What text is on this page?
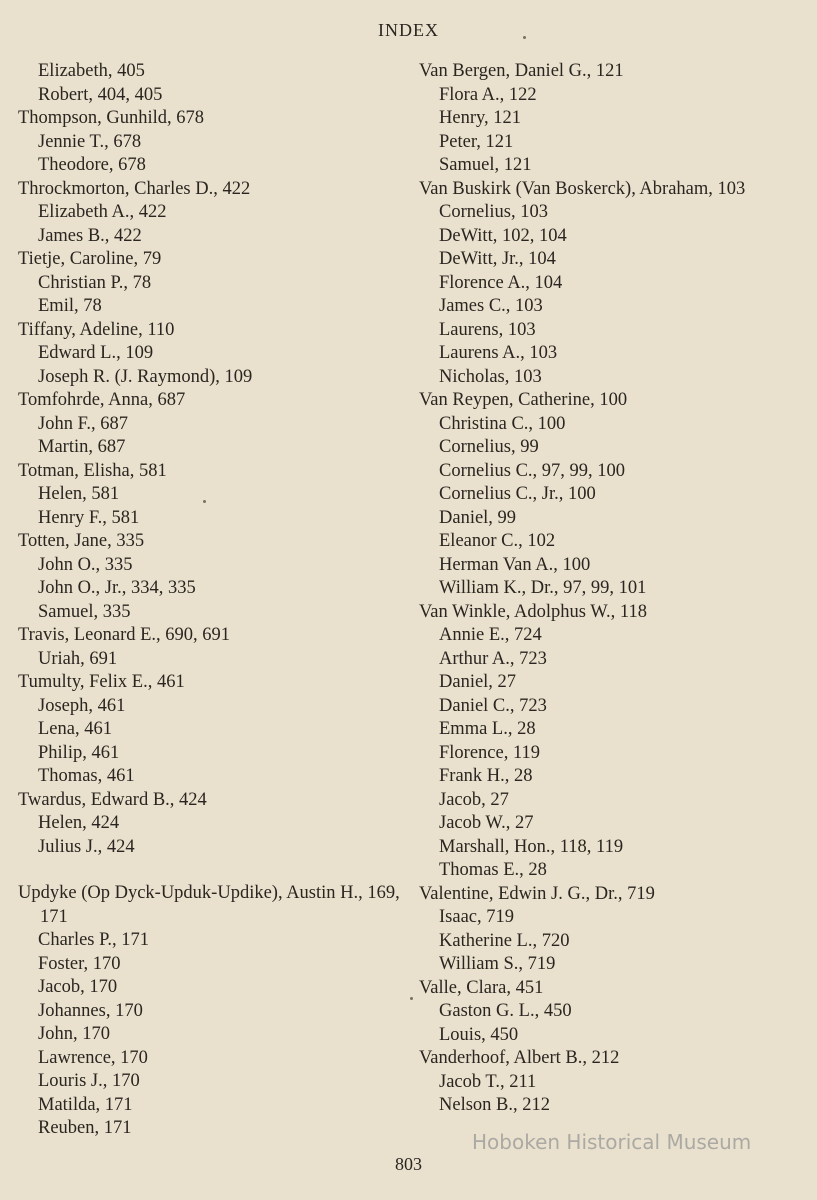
INDEX
Elizabeth, 405
Robert, 404, 405
Thompson, Gunhild, 678
Jennie T., 678
Theodore, 678
Throckmorton, Charles D., 422
Elizabeth A., 422
James B., 422
Tietje, Caroline, 79
Christian P., 78
Emil, 78
Tiffany, Adeline, 110
Edward L., 109
Joseph R. (J. Raymond), 109
Tomfohrde, Anna, 687
John F., 687
Martin, 687
Totman, Elisha, 581
Helen, 581
Henry F., 581
Totten, Jane, 335
John O., 335
John O., Jr., 334, 335
Samuel, 335
Travis, Leonard E., 690, 691
Uriah, 691
Tumulty, Felix E., 461
Joseph, 461
Lena, 461
Philip, 461
Thomas, 461
Twardus, Edward B., 424
Helen, 424
Julius J., 424
Updyke (Op Dyck-Upduk-Updike), Austin H., 169, 171
Charles P., 171
Foster, 170
Jacob, 170
Johannes, 170
John, 170
Lawrence, 170
Louris J., 170
Matilda, 171
Reuben, 171
Van Bergen, Daniel G., 121
Flora A., 122
Henry, 121
Peter, 121
Samuel, 121
Van Buskirk (Van Boskerck), Abraham, 103
Cornelius, 103
DeWitt, 102, 104
DeWitt, Jr., 104
Florence A., 104
James C., 103
Laurens, 103
Laurens A., 103
Nicholas, 103
Van Reypen, Catherine, 100
Christina C., 100
Cornelius, 99
Cornelius C., 97, 99, 100
Cornelius C., Jr., 100
Daniel, 99
Eleanor C., 102
Herman Van A., 100
William K., Dr., 97, 99, 101
Van Winkle, Adolphus W., 118
Annie E., 724
Arthur A., 723
Daniel, 27
Daniel C., 723
Emma L., 28
Florence, 119
Frank H., 28
Jacob, 27
Jacob W., 27
Marshall, Hon., 118, 119
Thomas E., 28
Valentine, Edwin J. G., Dr., 719
Isaac, 719
Katherine L., 720
William S., 719
Valle, Clara, 451
Gaston G. L., 450
Louis, 450
Vanderhoof, Albert B., 212
Jacob T., 211
Nelson B., 212
803
Hoboken Historical Museum
